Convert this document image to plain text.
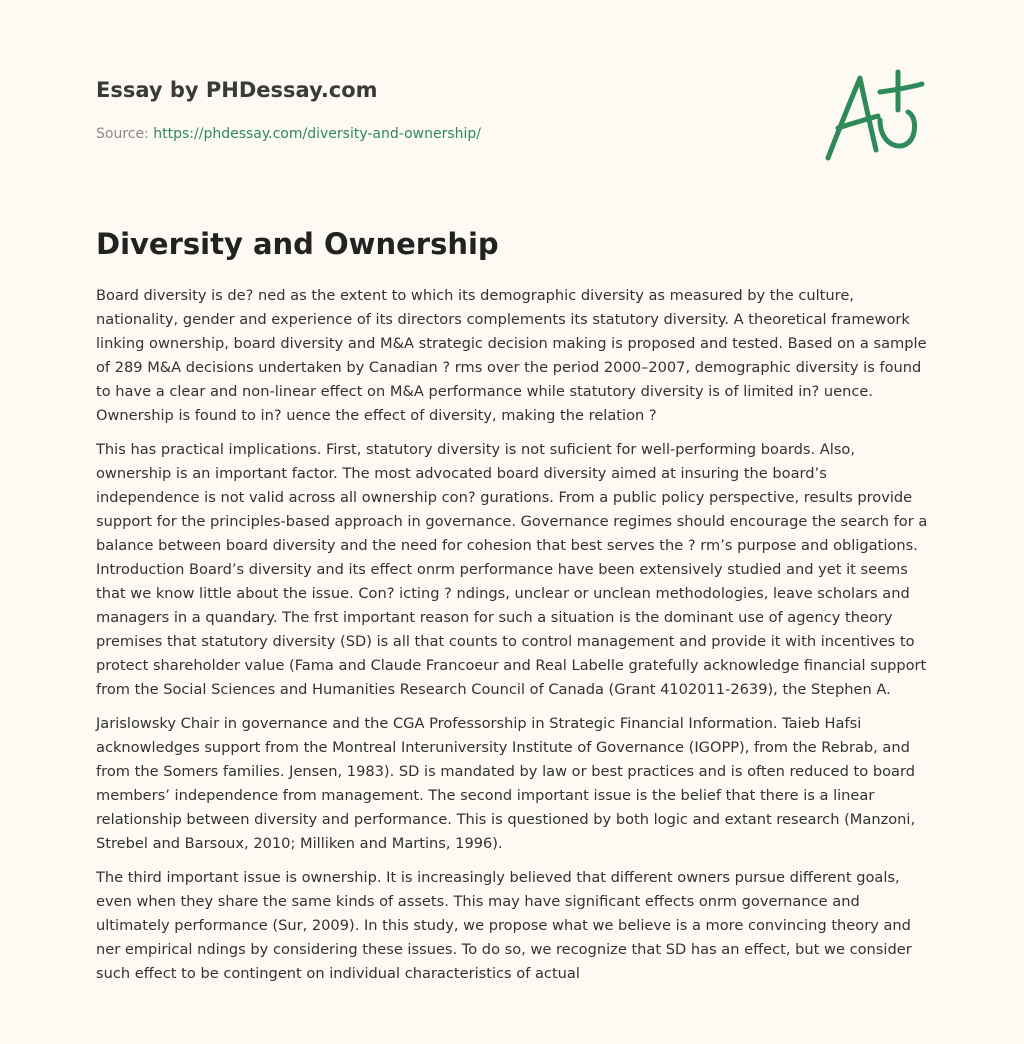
Essay by PHDessay.com
Source: https://phdessay.com/diversity-and-ownership/
Diversity and Ownership

Board diversity is de? ned as the extent to which its demographic diversity as measured by the culture, nationality, gender and experience of its directors complements its statutory diversity. A theoretical framework linking ownership, board diversity and M&A strategic decision making is proposed and tested. Based on a sample of 289 M&A decisions undertaken by Canadian ? rms over the period 2000–2007, demographic diversity is found to have a clear and non-linear effect on M&A performance while statutory diversity is of limited in? uence. Ownership is found to in? uence the effect of diversity, making the relation ?

This has practical implications. First, statutory diversity is not suficient for well-performing boards. Also, ownership is an important factor. The most advocated board diversity aimed at insuring the board’s independence is not valid across all ownership con? gurations. From a public policy perspective, results provide support for the principles-based approach in governance. Governance regimes should encourage the search for a balance between board diversity and the need for cohesion that best serves the ? rm’s purpose and obligations. Introduction Board’s diversity and its effect onrm performance have been extensively studied and yet it seems that we know little about the issue. Con? icting ? ndings, unclear or unclean methodologies, leave scholars and managers in a quandary. The frst important reason for such a situation is the dominant use of agency theory premises that statutory diversity (SD) is all that counts to control management and provide it with incentives to protect shareholder value (Fama and Claude Francoeur and Real Labelle gratefully acknowledge financial support from the Social Sciences and Humanities Research Council of Canada (Grant 4102011-2639), the Stephen A.

Jarislowsky Chair in governance and the CGA Professorship in Strategic Financial Information. Taieb Hafsi acknowledges support from the Montreal Interuniversity Institute of Governance (IGOPP), from the Rebrab, and from the Somers families. Jensen, 1983). SD is mandated by law or best practices and is often reduced to board members’ independence from management. The second important issue is the belief that there is a linear relationship between diversity and performance. This is questioned by both logic and extant research (Manzoni, Strebel and Barsoux, 2010; Milliken and Martins, 1996).

The third important issue is ownership. It is increasingly believed that different owners pursue different goals, even when they share the same kinds of assets. This may have significant effects onrm governance and ultimately performance (Sur, 2009). In this study, we propose what we believe is a more convincing theory and ner empirical ndings by considering these issues. To do so, we recognize that SD has an effect, but we consider such effect to be contingent on individual characteristics of actual
